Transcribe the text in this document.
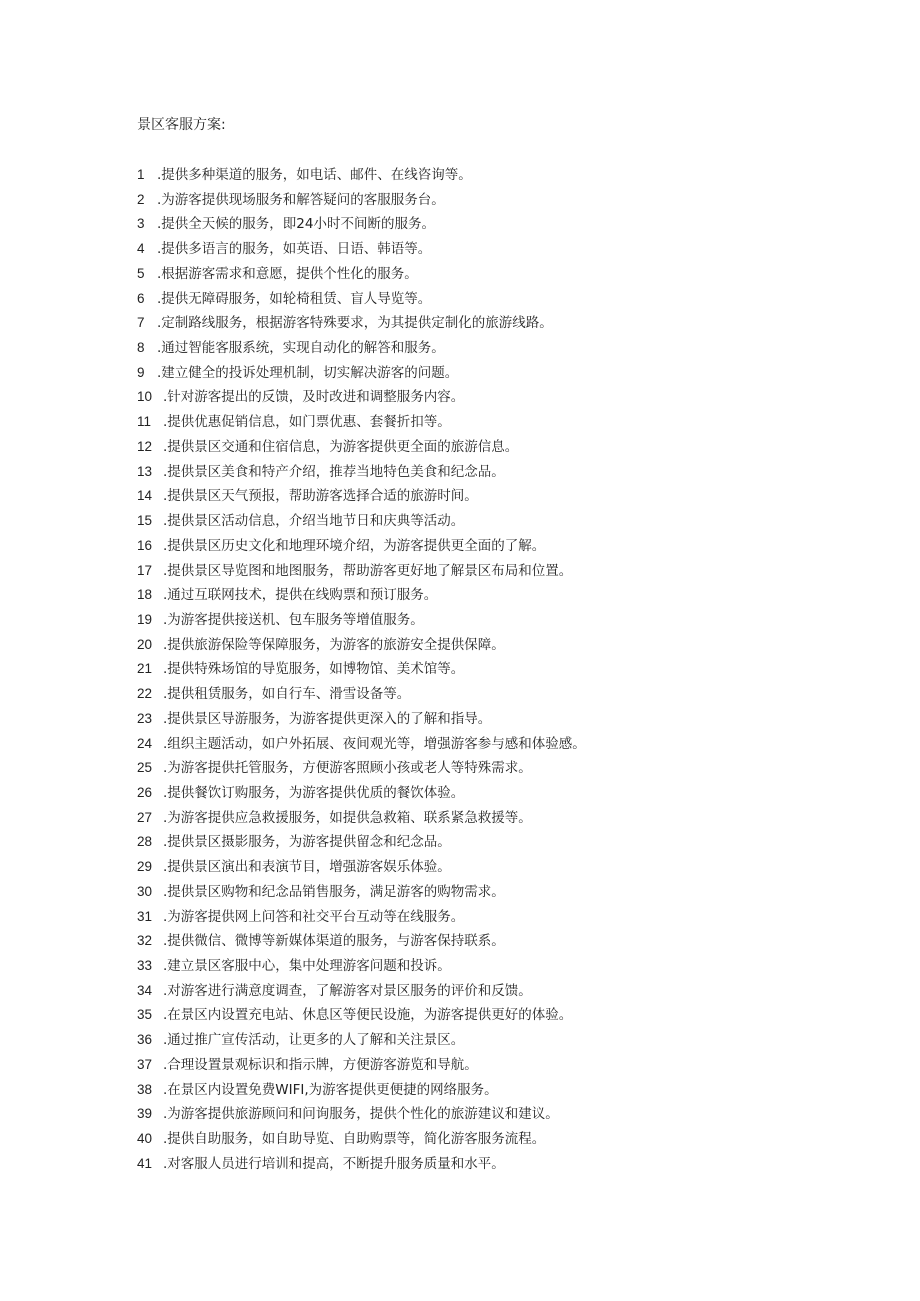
景区客服方案:
1 .提供多种渠道的服务，如电话、邮件、在线咨询等。
2 .为游客提供现场服务和解答疑问的客服服务台。
3 .提供全天候的服务，即24小时不间断的服务。
4 .提供多语言的服务，如英语、日语、韩语等。
5 .根据游客需求和意愿，提供个性化的服务。
6 .提供无障碍服务，如轮椅租赁、盲人导览等。
7 .定制路线服务，根据游客特殊要求，为其提供定制化的旅游线路。
8 .通过智能客服系统，实现自动化的解答和服务。
9 .建立健全的投诉处理机制，切实解决游客的问题。
10 .针对游客提出的反馈，及时改进和调整服务内容。
11 .提供优惠促销信息，如门票优惠、套餐折扣等。
12 .提供景区交通和住宿信息，为游客提供更全面的旅游信息。
13 .提供景区美食和特产介绍，推荐当地特色美食和纪念品。
14 .提供景区天气预报，帮助游客选择合适的旅游时间。
15 .提供景区活动信息，介绍当地节日和庆典等活动。
16 .提供景区历史文化和地理环境介绍，为游客提供更全面的了解。
17 .提供景区导览图和地图服务，帮助游客更好地了解景区布局和位置。
18 .通过互联网技术，提供在线购票和预订服务。
19 .为游客提供接送机、包车服务等增值服务。
20 .提供旅游保险等保障服务，为游客的旅游安全提供保障。
21 .提供特殊场馆的导览服务，如博物馆、美术馆等。
22 .提供租赁服务，如自行车、滑雪设备等。
23 .提供景区导游服务，为游客提供更深入的了解和指导。
24 .组织主题活动，如户外拓展、夜间观光等，增强游客参与感和体验感。
25 .为游客提供托管服务，方便游客照顾小孩或老人等特殊需求。
26 .提供餐饮订购服务，为游客提供优质的餐饮体验。
27 .为游客提供应急救援服务，如提供急救箱、联系紧急救援等。
28 .提供景区摄影服务，为游客提供留念和纪念品。
29 .提供景区演出和表演节目，增强游客娱乐体验。
30 .提供景区购物和纪念品销售服务，满足游客的购物需求。
31 .为游客提供网上问答和社交平台互动等在线服务。
32 .提供微信、微博等新媒体渠道的服务，与游客保持联系。
33 .建立景区客服中心，集中处理游客问题和投诉。
34 .对游客进行满意度调查，了解游客对景区服务的评价和反馈。
35 .在景区内设置充电站、休息区等便民设施，为游客提供更好的体验。
36 .通过推广宣传活动，让更多的人了解和关注景区。
37 .合理设置景观标识和指示牌，方便游客游览和导航。
38 .在景区内设置免费WIFI,为游客提供更便捷的网络服务。
39 .为游客提供旅游顾问和问询服务，提供个性化的旅游建议和建议。
40 .提供自助服务，如自助导览、自助购票等，简化游客服务流程。
41 .对客服人员进行培训和提高，不断提升服务质量和水平。
